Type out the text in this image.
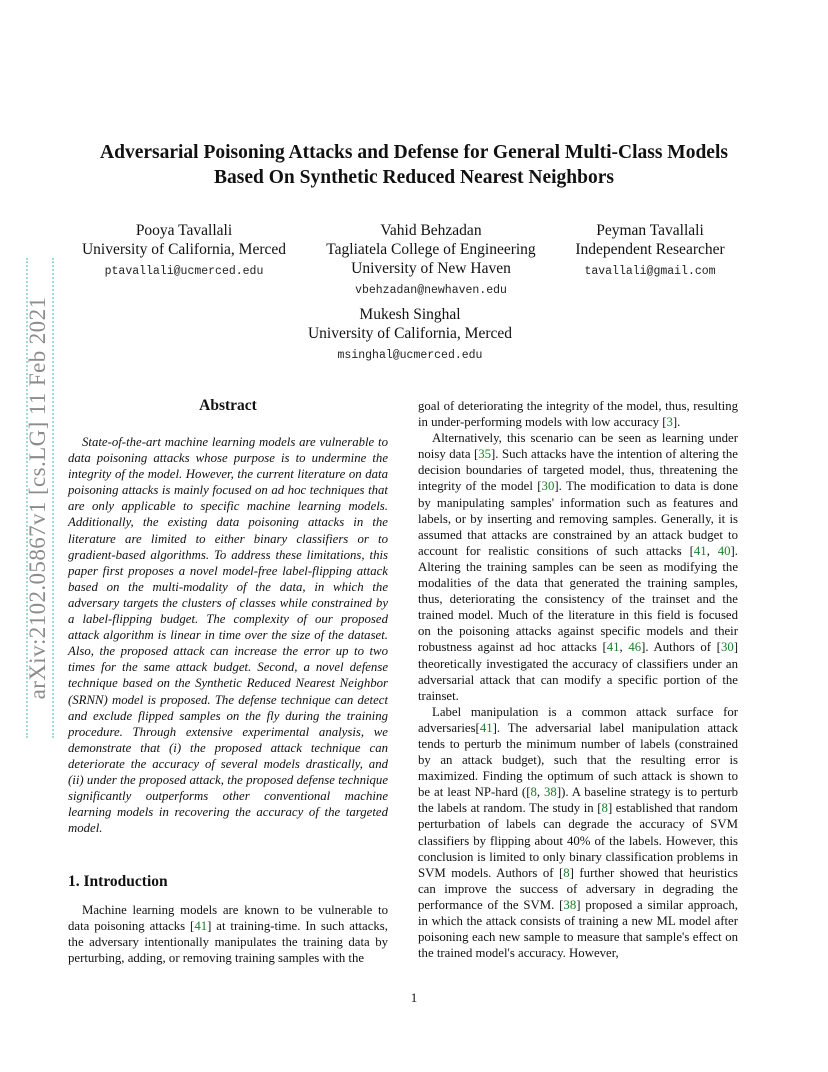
arXiv:2102.05867v1 [cs.LG] 11 Feb 2021
Adversarial Poisoning Attacks and Defense for General Multi-Class Models
Based On Synthetic Reduced Nearest Neighbors
Pooya Tavallali
University of California, Merced
ptavallali@ucmerced.edu
Vahid Behzadan
Tagliatela College of Engineering
University of New Haven
vbehzadan@newhaven.edu
Peyman Tavallali
Independent Researcher
tavallali@gmail.com
Mukesh Singhal
University of California, Merced
msinghal@ucmerced.edu
Abstract
State-of-the-art machine learning models are vulnerable to data poisoning attacks whose purpose is to undermine the integrity of the model. However, the current literature on data poisoning attacks is mainly focused on ad hoc techniques that are only applicable to specific machine learning models. Additionally, the existing data poisoning attacks in the literature are limited to either binary classifiers or to gradient-based algorithms. To address these limitations, this paper first proposes a novel model-free label-flipping attack based on the multi-modality of the data, in which the adversary targets the clusters of classes while constrained by a label-flipping budget. The complexity of our proposed attack algorithm is linear in time over the size of the dataset. Also, the proposed attack can increase the error up to two times for the same attack budget. Second, a novel defense technique based on the Synthetic Reduced Nearest Neighbor (SRNN) model is proposed. The defense technique can detect and exclude flipped samples on the fly during the training procedure. Through extensive experimental analysis, we demonstrate that (i) the proposed attack technique can deteriorate the accuracy of several models drastically, and (ii) under the proposed attack, the proposed defense technique significantly outperforms other conventional machine learning models in recovering the accuracy of the targeted model.
1. Introduction
Machine learning models are known to be vulnerable to data poisoning attacks [41] at training-time. In such attacks, the adversary intentionally manipulates the training data by perturbing, adding, or removing training samples with the

goal of deteriorating the integrity of the model, thus, resulting in under-performing models with low accuracy [3].

Alternatively, this scenario can be seen as learning under noisy data [35]. Such attacks have the intention of altering the decision boundaries of targeted model, thus, threatening the integrity of the model [30]. The modification to data is done by manipulating samples' information such as features and labels, or by inserting and removing samples. Generally, it is assumed that attacks are constrained by an attack budget to account for realistic consitions of such attacks [41, 40]. Altering the training samples can be seen as modifying the modalities of the data that generated the training samples, thus, deteriorating the consistency of the trainset and the trained model. Much of the literature in this field is focused on the poisoning attacks against specific models and their robustness against ad hoc attacks [41, 46]. Authors of [30] theoretically investigated the accuracy of classifiers under an adversarial attack that can modify a specific portion of the trainset.

Label manipulation is a common attack surface for adversaries[41]. The adversarial label manipulation attack tends to perturb the minimum number of labels (constrained by an attack budget), such that the resulting error is maximized. Finding the optimum of such attack is shown to be at least NP-hard ([8, 38]). A baseline strategy is to perturb the labels at random. The study in [8] established that random perturbation of labels can degrade the accuracy of SVM classifiers by flipping about 40% of the labels. However, this conclusion is limited to only binary classification problems in SVM models. Authors of [8] further showed that heuristics can improve the success of adversary in degrading the performance of the SVM. [38] proposed a similar approach, in which the attack consists of training a new ML model after poisoning each new sample to measure that sample's effect on the trained model's accuracy. However,

1
